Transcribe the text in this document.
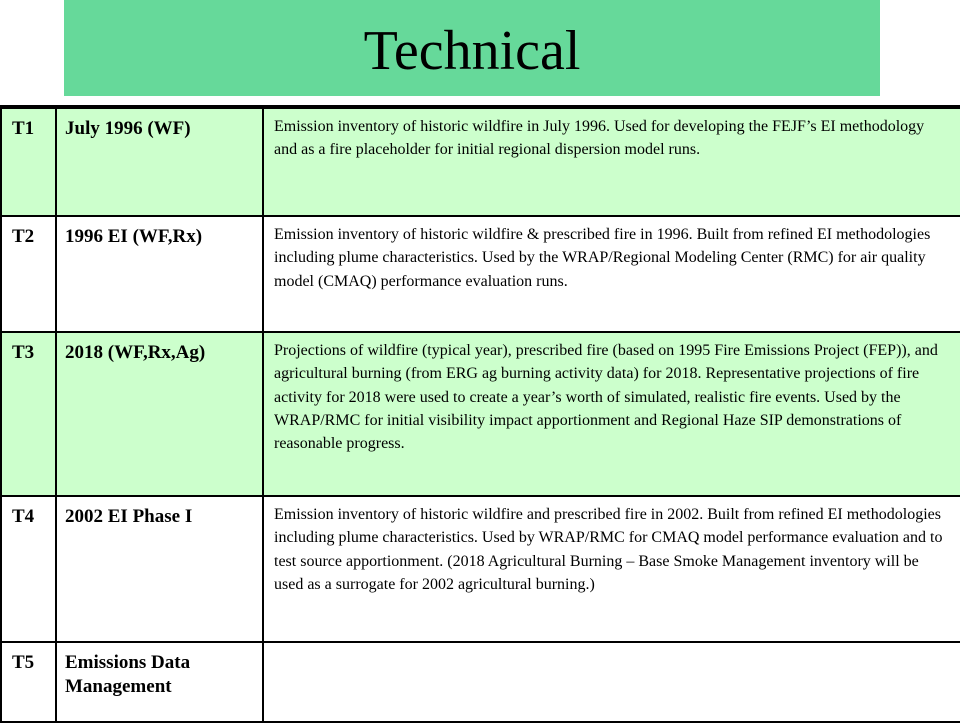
Technical
T1	July 1996 (WF)	Emission inventory of historic wildfire in July 1996. Used for developing the FEJF’s EI methodology and as a fire placeholder for initial regional dispersion model runs.

T2	1996 EI (WF,Rx)	Emission inventory of historic wildfire & prescribed fire in 1996. Built from refined EI methodologies including plume characteristics. Used by the WRAP/Regional Modeling Center (RMC) for air quality model (CMAQ) performance evaluation runs.

T3	2018 (WF,Rx,Ag)	Projections of wildfire (typical year), prescribed fire (based on 1995 Fire Emissions Project (FEP)), and agricultural burning (from ERG ag burning activity data) for 2018. Representative projections of fire activity for 2018 were used to create a year’s worth of simulated, realistic fire events. Used by the WRAP/RMC for initial visibility impact apportionment and Regional Haze SIP demonstrations of reasonable progress.

T4	2002 EI Phase I	Emission inventory of historic wildfire and prescribed fire in 2002. Built from refined EI methodologies including plume characteristics. Used by WRAP/RMC for CMAQ model performance evaluation and to test source apportionment. (2018 Agricultural Burning – Base Smoke Management inventory will be used as a surrogate for 2002 agricultural burning.)

T5	Emissions Data Management	
